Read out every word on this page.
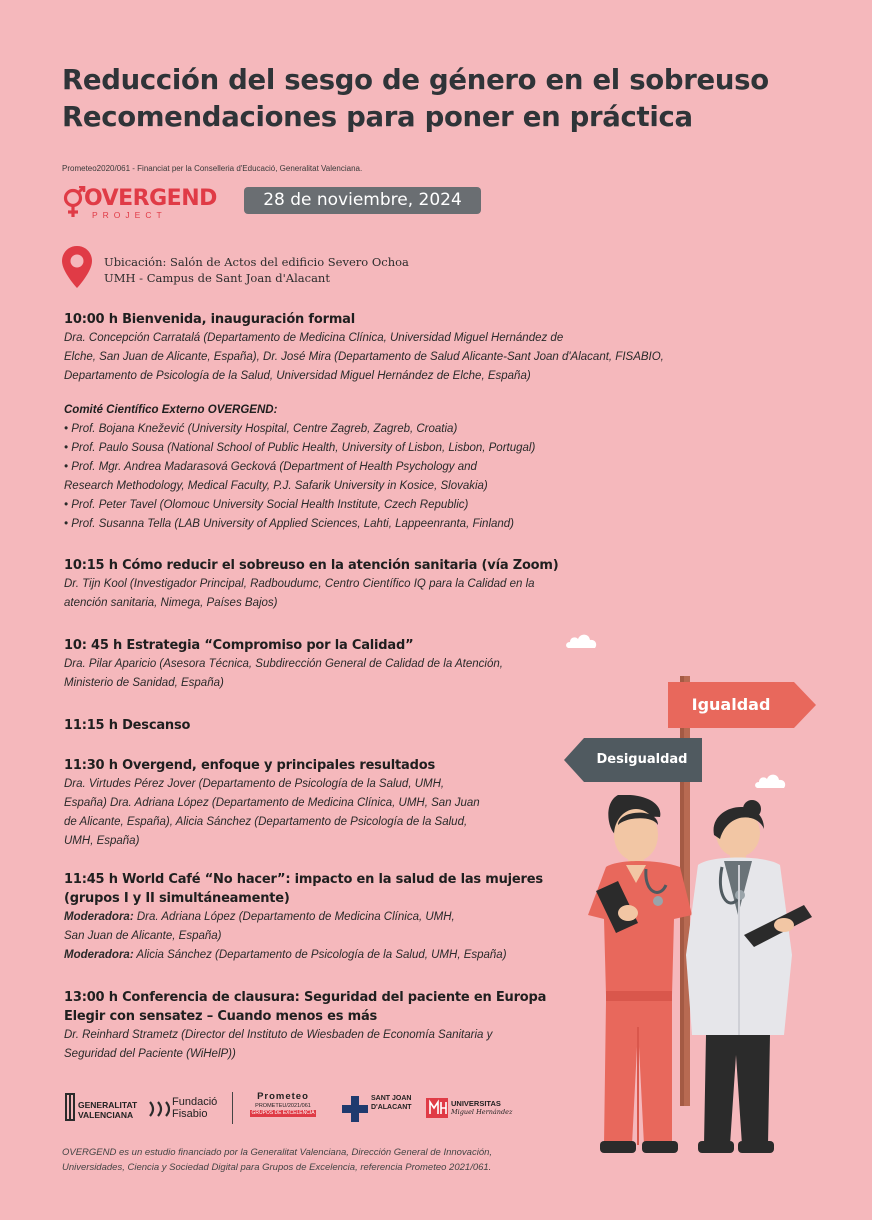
Reducción del sesgo de género en el sobreuso
Recomendaciones para poner en práctica
Prometeo2020/061 - Financiat per la Conselleria d'Educació, Generalitat Valenciana.
OVERGEND
PROJECT
28 de noviembre, 2024
Ubicación: Salón de Actos del edificio Severo Ochoa
UMH - Campus de Sant Joan d'Alacant
10:00 h Bienvenida, inauguración formal
Dra. Concepción Carratalá (Departamento de Medicina Clínica, Universidad Miguel Hernández de
Elche, San Juan de Alicante, España), Dr. José Mira (Departamento de Salud Alicante-Sant Joan d'Alacant, FISABIO,
Departamento de Psicología de la Salud, Universidad Miguel Hernández de Elche, España)
Comité Científico Externo OVERGEND:
• Prof. Bojana Knežević (University Hospital, Centre Zagreb, Zagreb, Croatia)
• Prof. Paulo Sousa (National School of Public Health, University of Lisbon, Lisbon, Portugal)
• Prof. Mgr. Andrea Madarasová Gecková (Department of Health Psychology and
Research Methodology, Medical Faculty, P.J. Safarik University in Kosice, Slovakia)
• Prof. Peter Tavel (Olomouc University Social Health Institute, Czech Republic)
• Prof. Susanna Tella (LAB University of Applied Sciences, Lahti, Lappeenranta, Finland)
10:15 h Cómo reducir el sobreuso en la atención sanitaria (vía Zoom)
Dr. Tijn Kool (Investigador Principal, Radboudumc, Centro Científico IQ para la Calidad en la
atención sanitaria, Nimega, Países Bajos)
10: 45 h Estrategia “Compromiso por la Calidad”
Dra. Pilar Aparicio (Asesora Técnica, Subdirección General de Calidad de la Atención,
Ministerio de Sanidad, España)
11:15 h Descanso
11:30 h Overgend, enfoque y principales resultados
Dra. Virtudes Pérez Jover (Departamento de Psicología de la Salud, UMH,
España) Dra. Adriana López (Departamento de Medicina Clínica, UMH, San Juan
de Alicante, España), Alicia Sánchez (Departamento de Psicología de la Salud,
UMH, España)
11:45 h World Café “No hacer”: impacto en la salud de las mujeres
(grupos I y II simultáneamente)
Moderadora: Dra. Adriana López (Departamento de Medicina Clínica, UMH,
San Juan de Alicante, España)
Moderadora: Alicia Sánchez (Departamento de Psicología de la Salud, UMH, España)
13:00 h Conferencia de clausura: Seguridad del paciente en Europa
Elegir con sensatez – Cuando menos es más
Dr. Reinhard Strametz (Director del Instituto de Wiesbaden de Economía Sanitaria y
Seguridad del Paciente (WiHelP))
Igualdad
Desigualdad
GENERALITAT
VALENCIANA
Fundació
Fisabio
Prometeo
PROMETEU/2021/061
GRUPOS DE EXCELENCIA
SANT JOAN
D'ALACANT	UNIVERSITAS
Miguel Hernández
OVERGEND es un estudio financiado por la Generalitat Valenciana, Dirección General de Innovación,
Universidades, Ciencia y Sociedad Digital para Grupos de Excelencia, referencia Prometeo 2021/061.
